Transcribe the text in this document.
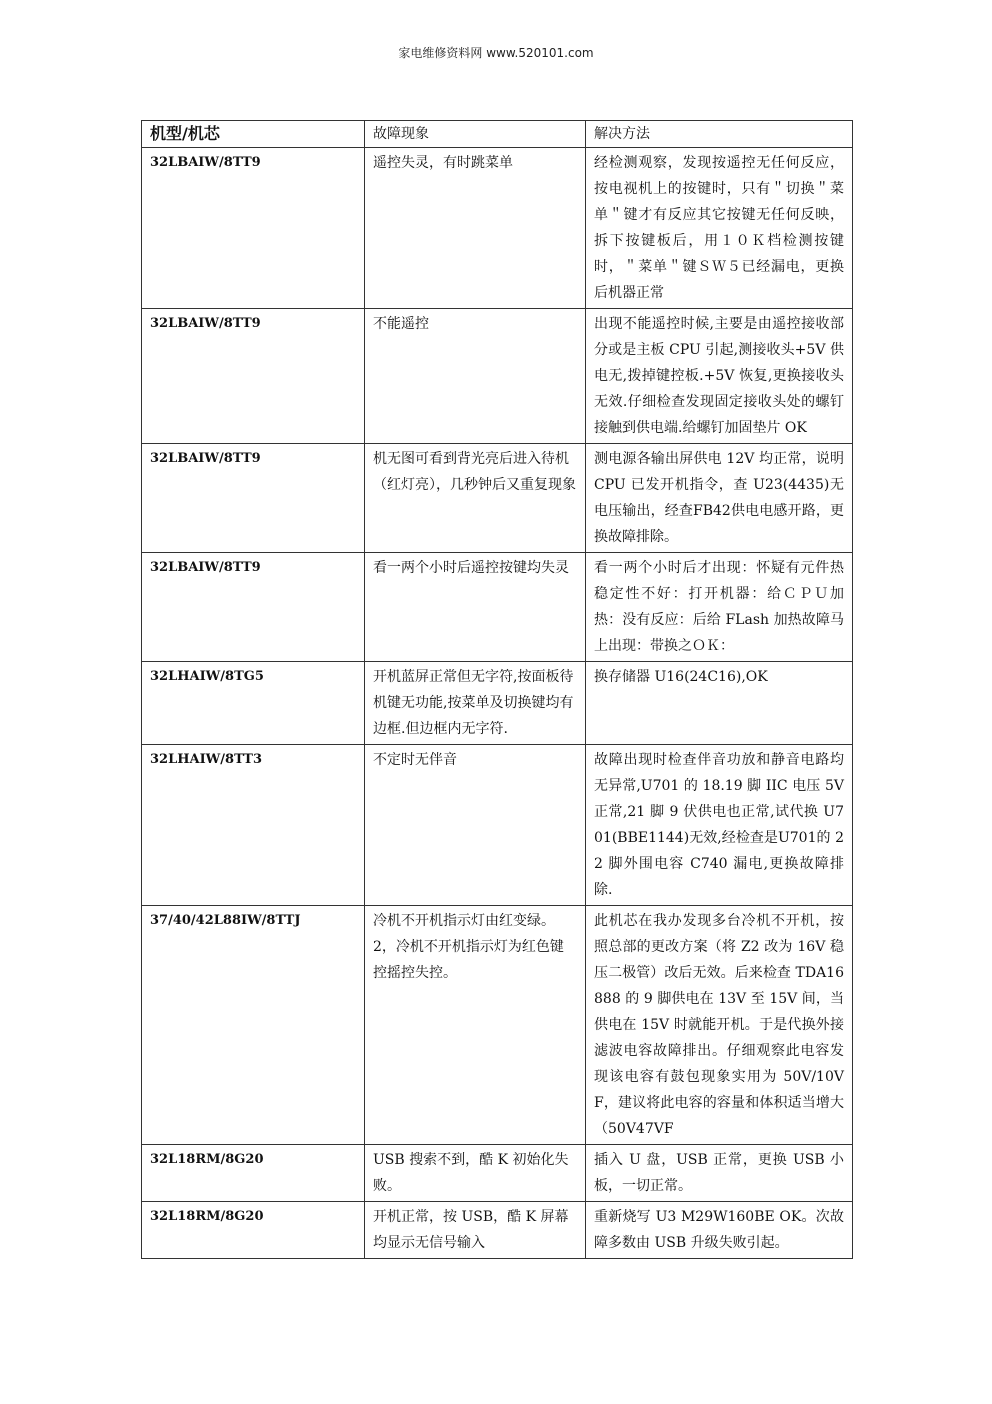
家电维修资料网 www.520101.com
机型/机芯	故障现象	解决方法
32LBAIW/8TT9	遥控失灵，有时跳菜单	经检测观察，发现按遥控无任何反应，按电视机上的按键时，只有＂切换＂菜单＂键才有反应其它按键无任何反映，拆下按键板后，用１０Ｋ档检测按键时，＂菜单＂键ＳＷ５已经漏电，更换后机器正常
32LBAIW/8TT9	不能遥控	出现不能遥控时候,主要是由遥控接收部分或是主板 CPU 引起,测接收头+5V 供电无,拨掉键控板.+5V 恢复,更换接收头无效.仔细检查发现固定接收头处的螺钉接触到供电端.给螺钉加固垫片 OK
32LBAIW/8TT9	机无图可看到背光亮后进入待机（红灯亮），几秒钟后又重复现象	测电源各输出屏供电 12V 均正常，说明 CPU 已发开机指令，查 U23(4435)无电压输出，经查FB42供电电感开路，更换故障排除。
32LBAIW/8TT9	看一两个小时后遥控按键均失灵	看一两个小时后才出现：怀疑有元件热稳定性不好：打开机器：给ＣＰＵ加热：没有反应：后给 FLash 加热故障马上出现：带换之ＯＫ：
32LHAIW/8TG5	开机蓝屏正常但无字符,按面板待机键无功能,按菜单及切换键均有边框.但边框内无字符.	换存储器 U16(24C16),OK
32LHAIW/8TT3	不定时无伴音	故障出现时检查伴音功放和静音电路均无异常,U701 的 18.19 脚 IIC 电压 5V 正常,21 脚 9 伏供电也正常,试代换 U701(BBE1144)无效,经检查是U701的 22 脚外围电容 C740 漏电,更换故障排除.
37/40/42L88IW/8TTJ	冷机不开机指示灯由红变绿。2，冷机不开机指示灯为红色键控摇控失控。	此机芯在我办发现多台冷机不开机，按照总部的更改方案（将 Z2 改为 16V 稳压二极管）改后无效。后来检查 TDA16888 的 9 脚供电在 13V 至 15V 间，当供电在 15V 时就能开机。于是代换外接滤波电容故障排出。仔细观察此电容发现该电容有鼓包现象实用为 50V/10VF，建议将此电容的容量和体积适当增大（50V47VF
32L18RM/8G20	USB 搜索不到，酷 K 初始化失败。	插入 U 盘，USB 正常，更换 USB 小板，一切正常。
32L18RM/8G20	开机正常，按 USB，酷 K 屏幕均显示无信号输入	重新烧写 U3 M29W160BE OK。次故障多数由 USB 升级失败引起。
